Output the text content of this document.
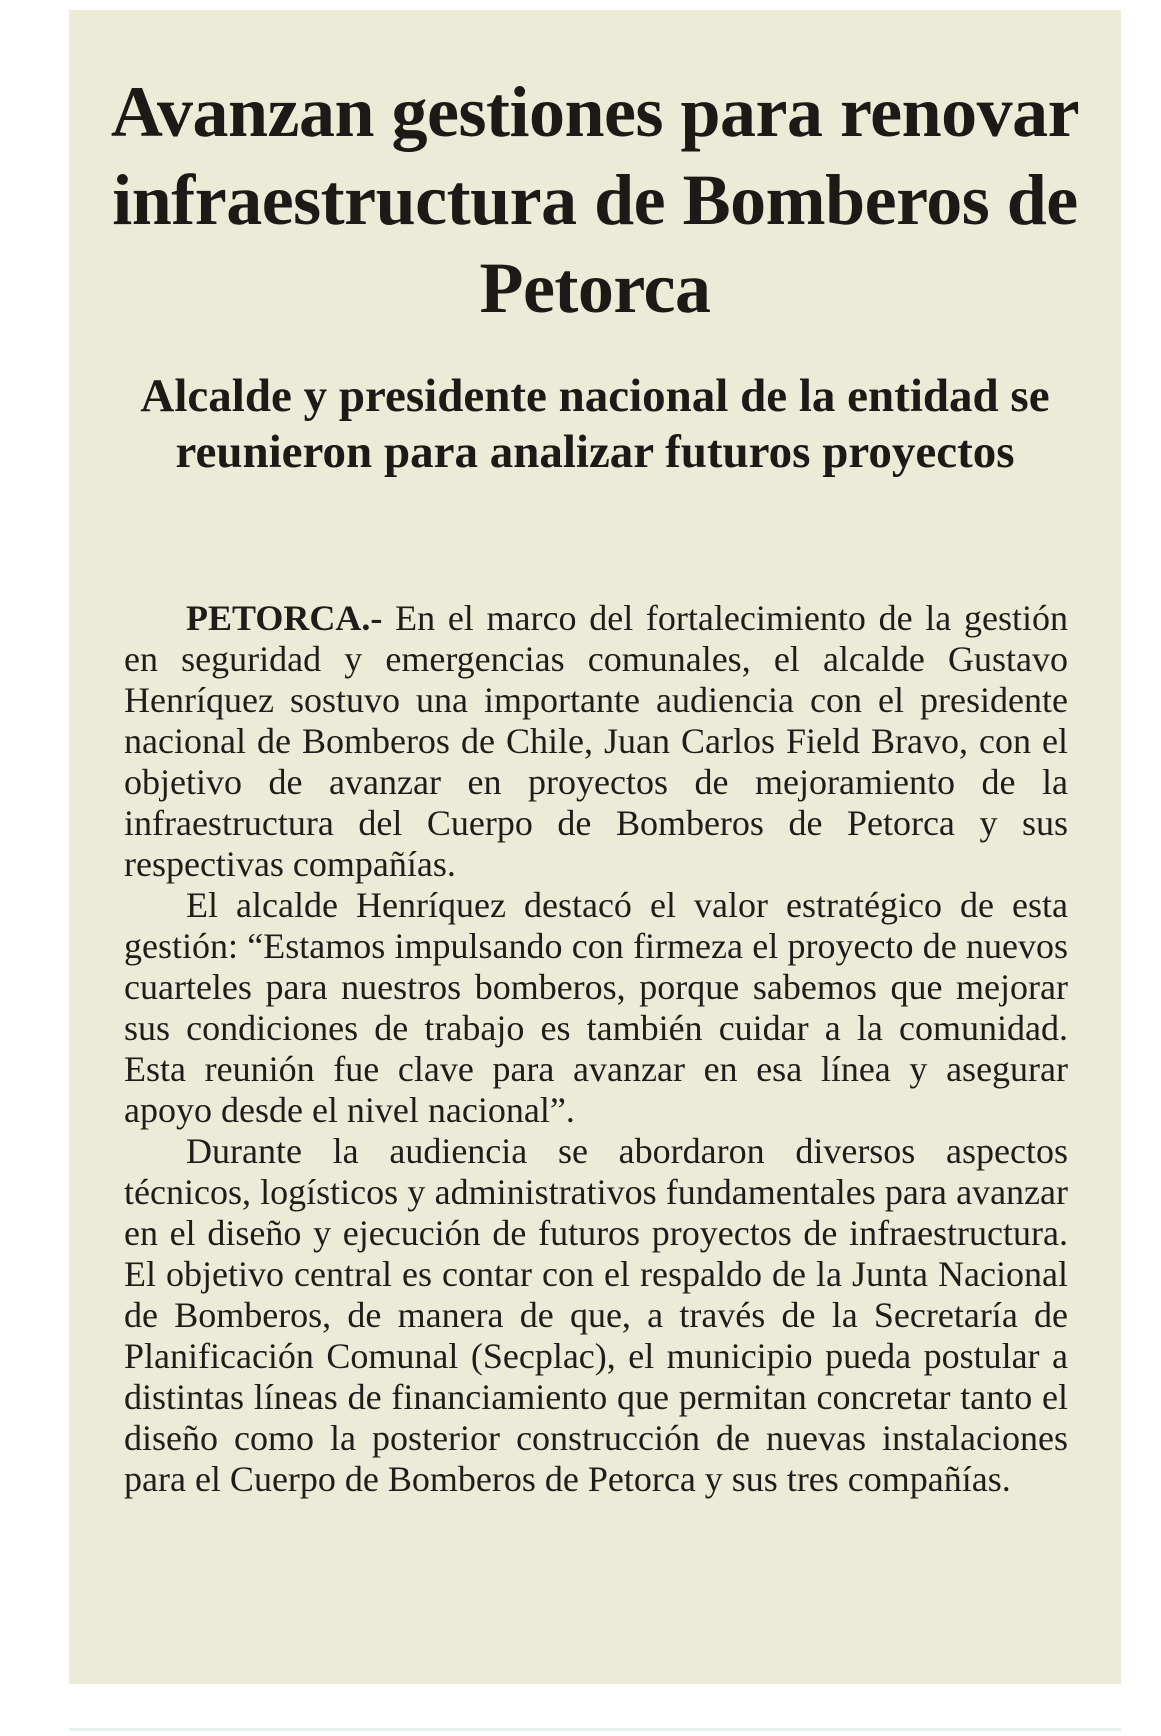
Avanzan gestiones para renovar infraestructura de Bomberos de Petorca
Alcalde y presidente nacional de la entidad se reunieron para analizar futuros proyectos

PETORCA.- En el marco del fortalecimiento de la gestión en seguridad y emergencias comunales, el alcalde Gustavo Henríquez sostuvo una importante audiencia con el presidente nacional de Bomberos de Chile, Juan Carlos Field Bravo, con el objetivo de avanzar en proyectos de mejoramiento de la infraestructura del Cuerpo de Bomberos de Petorca y sus respectivas compañías.

El alcalde Henríquez destacó el valor estratégico de esta gestión: “Estamos impulsando con firmeza el proyecto de nuevos cuarteles para nuestros bomberos, porque sabemos que mejorar sus condiciones de trabajo es también cuidar a la comunidad. Esta reunión fue clave para avanzar en esa línea y asegurar apoyo desde el nivel nacional”.

Durante la audiencia se abordaron diversos aspectos técnicos, logísticos y administrativos fundamentales para avanzar en el diseño y ejecución de futuros proyectos de infraestructura. El objetivo central es contar con el respaldo de la Junta Nacional de Bomberos, de manera de que, a través de la Secretaría de Planificación Comunal (Secplac), el municipio pueda postular a distintas líneas de financiamiento que permitan concretar tanto el diseño como la posterior construcción de nuevas instalaciones para el Cuerpo de Bomberos de Petorca y sus tres compañías.
